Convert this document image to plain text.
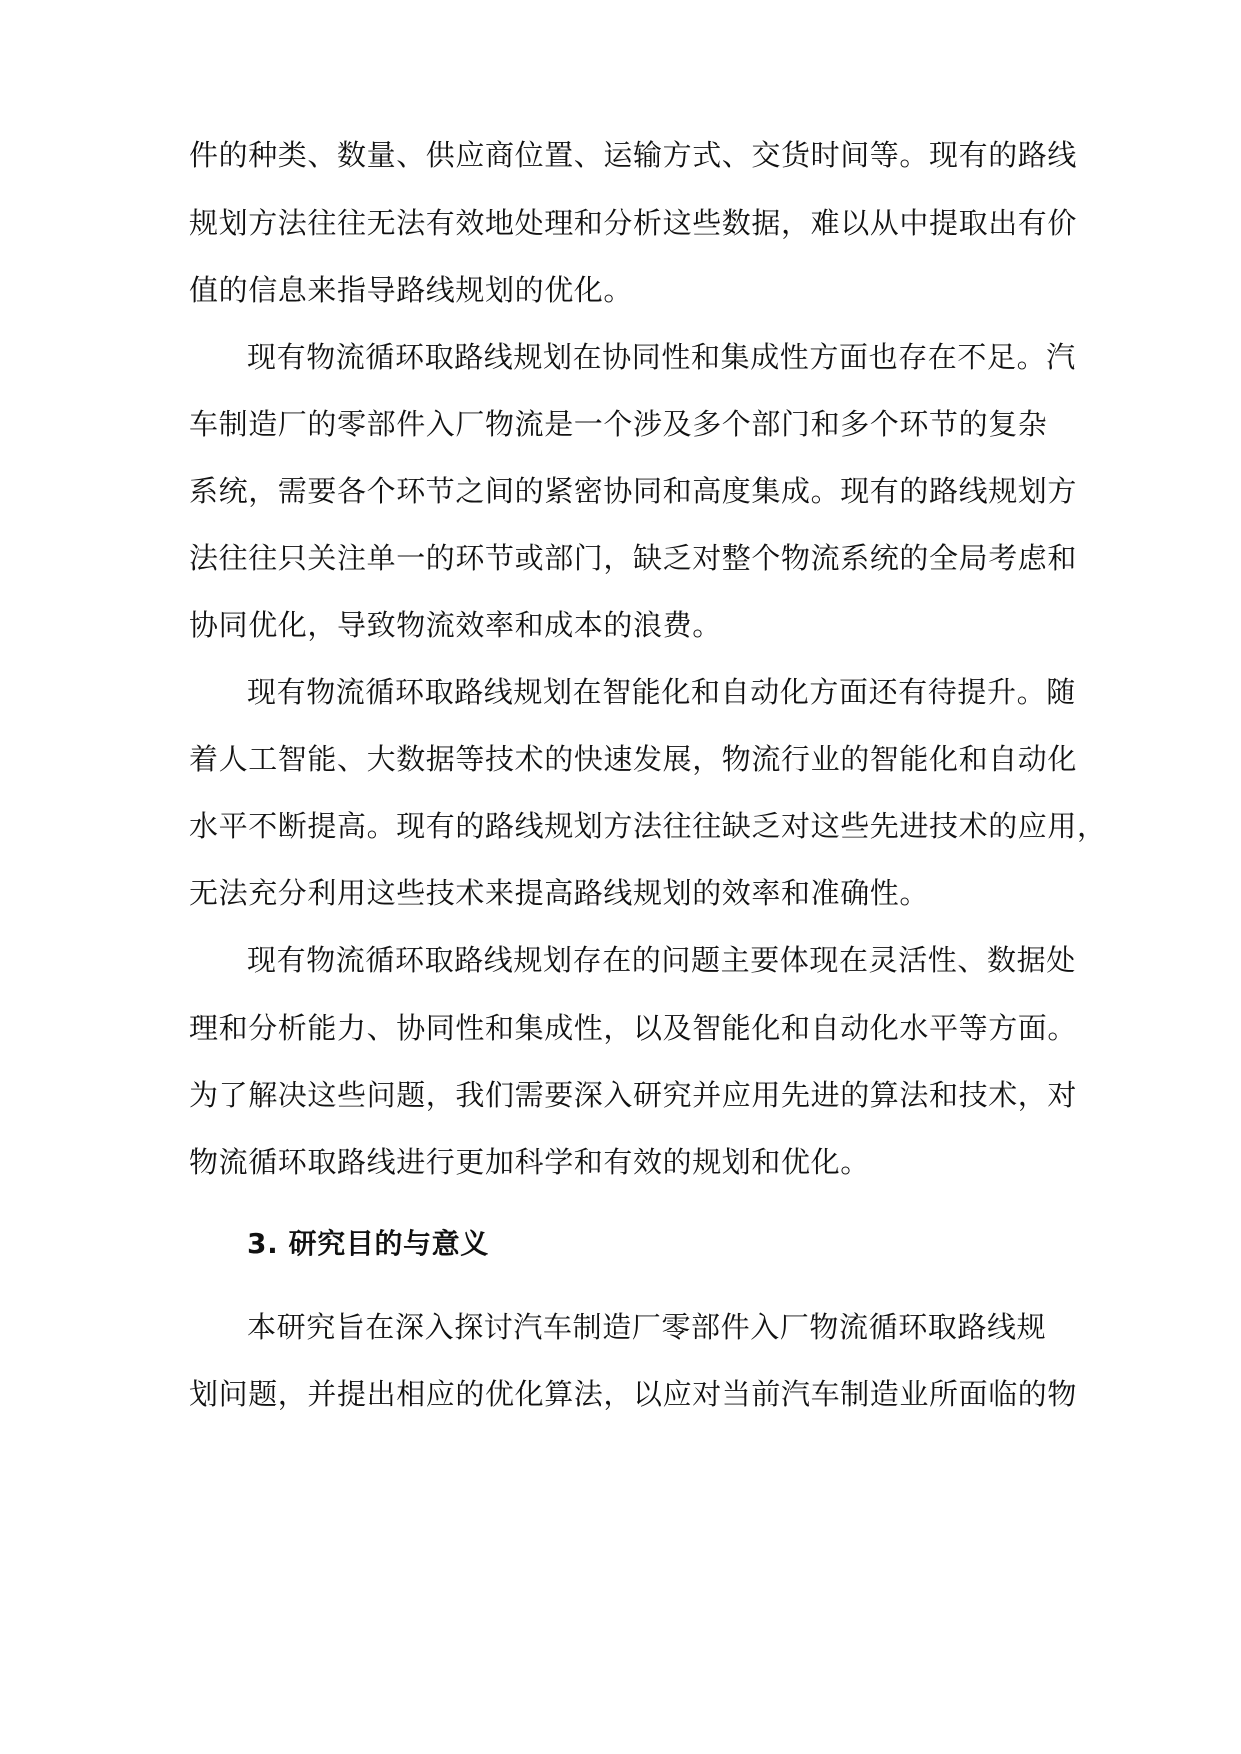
件的种类、数量、供应商位置、运输方式、交货时间等。现有的路线
规划方法往往无法有效地处理和分析这些数据，难以从中提取出有价
值的信息来指导路线规划的优化。
现有物流循环取路线规划在协同性和集成性方面也存在不足。汽
车制造厂的零部件入厂物流是一个涉及多个部门和多个环节的复杂
系统，需要各个环节之间的紧密协同和高度集成。现有的路线规划方
法往往只关注单一的环节或部门，缺乏对整个物流系统的全局考虑和
协同优化，导致物流效率和成本的浪费。
现有物流循环取路线规划在智能化和自动化方面还有待提升。随
着人工智能、大数据等技术的快速发展，物流行业的智能化和自动化
水平不断提高。现有的路线规划方法往往缺乏对这些先进技术的应用，
无法充分利用这些技术来提高路线规划的效率和准确性。
现有物流循环取路线规划存在的问题主要体现在灵活性、数据处
理和分析能力、协同性和集成性，以及智能化和自动化水平等方面。
为了解决这些问题，我们需要深入研究并应用先进的算法和技术，对
物流循环取路线进行更加科学和有效的规划和优化。
3. 研究目的与意义
本研究旨在深入探讨汽车制造厂零部件入厂物流循环取路线规
划问题，并提出相应的优化算法，以应对当前汽车制造业所面临的物
